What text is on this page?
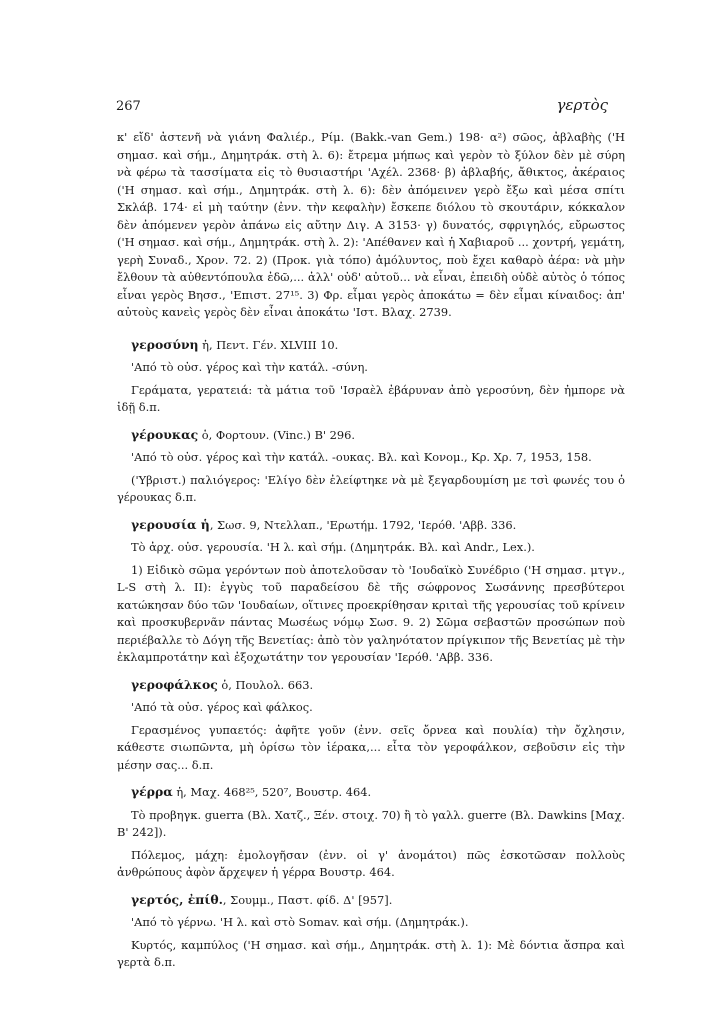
267	γερτὸς

κ' εἴδ' ἀστενῆ νὰ γιάνη Φαλιέρ., Ρίμ. (Bakk.-van Gem.) 198· α²) σῶος, ἀβλαβὴς ('Η σημασ. καὶ σήμ., Δημητράκ. στὴ λ. 6): ἔτρεμα μήπως καὶ γερὸν τὸ ξύλον δὲν μὲ σύρη νὰ φέρω τὰ τασσίματα εἰς τὸ θυσιαστήρι 'Αχέλ. 2368· β) ἀβλαβής, ἄθικτος, ἀκέραιος ('Η σημασ. καὶ σήμ., Δημητράκ. στὴ λ. 6): δὲν ἀπόμεινεν γερὸ ἔξω καὶ μέσα σπίτι Σκλάβ. 174· εἰ μὴ ταύτην (ἐνν. τὴν κεφαλὴν) ἔσκεπε διόλου τὸ σκουτάριν, κόκκαλον δὲν ἀπόμενεν γερὸν ἀπάνω εἰς αὔτην Διγ. Α 3153· γ) δυνατός, σφριγηλός, εὔρωστος ('Η σημασ. καὶ σήμ., Δημητράκ. στὴ λ. 2): 'Απέθανεν καὶ ἡ Χαβιαροῦ ... χοντρή, γεμάτη, γερὴ Συναδ., Χρον. 72. 2) (Προκ. γιὰ τόπο) ἀμόλυντος, ποὺ ἔχει καθαρὸ ἀέρα: νὰ μὴν ἔλθουν τὰ αὐθεντόπουλα ἐδῶ,... ἀλλ' οὐδ' αὐτοῦ... νὰ εἶναι, ἐπειδὴ οὐδὲ αὐτὸς ὁ τόπος εἶναι γερὸς Βησσ., 'Επιστ. 27¹⁵. 3) Φρ. εἶμαι γερὸς ἀποκάτω = δὲν εἶμαι κίναιδος: ἀπ' αὐτοὺς κανεὶς γερὸς δὲν εἶναι ἀποκάτω 'Ιστ. Βλαχ. 2739.

γεροσύνη ἡ, Πεντ. Γέν. XLVIII 10.

'Από τὸ οὐσ. γέρος καὶ τὴν κατάλ. -σύνη.

Γεράματα, γερατειά: τὰ μάτια τοῦ 'Ισραὲλ ἐβάρυναν ἀπὸ γεροσύνη, δὲν ἠμπορε νὰ ἰδῇ δ.π.

γέρουκας ὁ, Φορτουν. (Vinc.) Β' 296.

'Από τὸ οὐσ. γέρος καὶ τὴν κατάλ. -ουκας. Βλ. καὶ Κονομ., Κρ. Χρ. 7, 1953, 158.

('Υβριστ.) παλιόγερος: 'Ελίγο δὲν ἐλείφτηκε νὰ μὲ ξεγαρδουμίση με τσὶ φωνές του ὁ γέρουκας δ.π.

γερουσία ἡ, Σωσ. 9, Ντελλαπ., 'Ερωτήμ. 1792, 'Ιερόθ. 'Αββ. 336.

Τὸ ἀρχ. οὐσ. γερουσία. 'Η λ. καὶ σήμ. (Δημητράκ. Βλ. καὶ Andr., Lex.).

1) Εἰδικὸ σῶμα γερόντων ποὺ ἀποτελοῦσαν τὸ 'Ιουδαϊκὸ Συνέδριο ('Η σημασ. μτγν., L-S στὴ λ. II): ἐγγὺς τοῦ παραδείσου δὲ τῆς σώφρονος Σωσάννης πρεσβύτεροι κατώκησαν δύο τῶν 'Ιουδαίων, οἵτινες προεκρίθησαν κριταὶ τῆς γερουσίας τοῦ κρίνειν καὶ προσκυβερνᾶν πάντας Μωσέως νόμῳ Σωσ. 9. 2) Σῶμα σεβαστῶν προσώπων ποὺ περιέβαλλε τὸ Δόγη τῆς Βενετίας: ἀπὸ τὸν γαληνότατον πρίγκιπον τῆς Βενετίας μὲ τὴν ἐκλαμπροτάτην καὶ ἐξοχωτάτην τον γερουσίαν 'Ιερόθ. 'Αββ. 336.

γεροφάλκος ὁ, Πουλολ. 663.

'Από τὰ οὐσ. γέρος καὶ φάλκος.

Γερασμένος γυπαετός: ἀφῆτε γοῦν (ἐνν. σεῖς ὄρνεα καὶ πουλία) τὴν ὄχλησιν, κάθεστε σιωπῶντα, μὴ ὁρίσω τὸν ἱέρακα,... εἶτα τὸν γεροφάλκον, σεβοῦσιν εἰς τὴν μέσην σας... δ.π.

γέρρα ἡ, Μαχ. 468²⁵, 520⁷, Βουστρ. 464.

Τὸ προβηγκ. guerra (Βλ. Χατζ., Ξέν. στοιχ. 70) ἢ τὸ γαλλ. guerre (Βλ. Dawkins [Μαχ. Β' 242]).

Πόλεμος, μάχη: ἐμολογῆσαν (ἐνν. οἱ γ' ἀνομάτοι) πῶς ἐσκοτῶσαν πολλοὺς ἀνθρώπους ἀφὸν ἄρχεψεν ἡ γέρρα Βουστρ. 464.

γερτός, ἐπίθ., Σουμμ., Παστ. φίδ. Δ' [957].

'Από τὸ γέρνω. 'Η λ. καὶ στὸ Somav. καὶ σήμ. (Δημητράκ.).

Κυρτός, καμπύλος ('Η σημασ. καὶ σήμ., Δημητράκ. στὴ λ. 1): Μὲ δόντια ἄσπρα καὶ γερτὰ δ.π.
